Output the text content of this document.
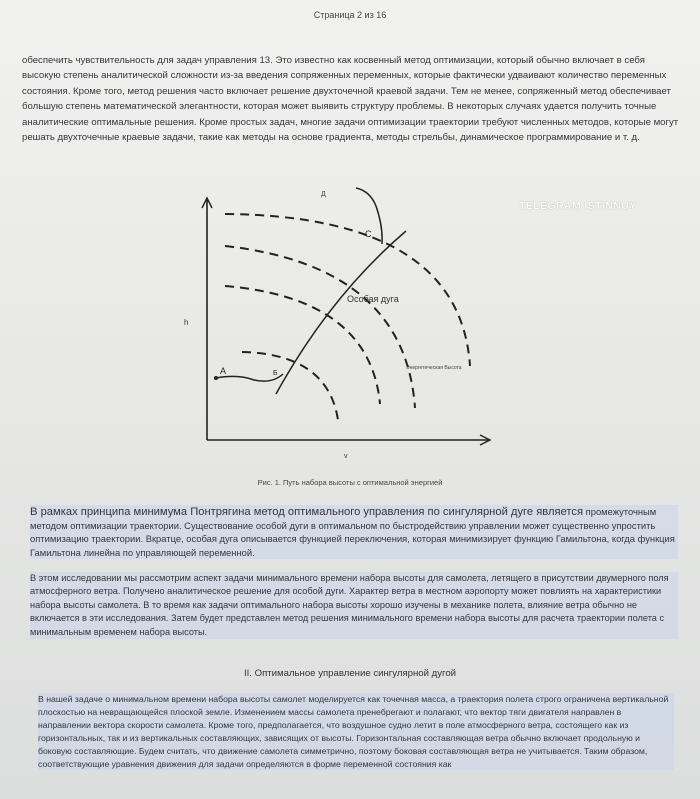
Страница 2 из 16
обеспечить чувствительность для задач управления 13. Это известно как косвенный метод оптимизации, который обычно включает в себя высокую степень аналитической сложности из-за введения сопряженных переменных, которые фактически удваивают количество переменных состояния. Кроме того, метод решения часто включает решение двухточечной краевой задачи. Тем не менее, сопряженный метод обеспечивает большую степень математической элегантности, которая может выявить структуру проблемы. В некоторых случаях удается получить точные аналитические оптимальные решения. Кроме простых задач, многие задачи оптимизации траектории требуют численных методов, которые могут решать двухточечные краевые задачи, такие как методы на основе градиента, методы стрельбы, динамическое программирование и т. д.
TELEGRAM ISTINNUY
h
v
A	Б
C
Д
Особая дуга
Энергетическая Высота
Рис. 1. Путь набора высоты с оптимальной энергией
В рамках принципа минимума Понтрягина метод оптимального управления по сингулярной дуге является промежуточным методом оптимизации траектории. Существование особой дуги в оптимальном по быстродействию управлении может существенно упростить оптимизацию траектории. Вкратце, особая дуга описывается функцией переключения, которая минимизирует функцию Гамильтона, когда функция Гамильтона линейна по управляющей переменной.
В этом исследовании мы рассмотрим аспект задачи минимального времени набора высоты для самолета, летящего в присутствии двумерного поля атмосферного ветра. Получено аналитическое решение для особой дуги. Характер ветра в местном аэропорту может повлиять на характеристики набора высоты самолета. В то время как задачи оптимального набора высоты хорошо изучены в механике полета, влияние ветра обычно не включается в эти исследования. Затем будет представлен метод решения минимального времени набора высоты для расчета траектории полета с минимальным временем набора высоты.
II. Оптимальное управление сингулярной дугой
В нашей задаче о минимальном времени набора высоты самолет моделируется как точечная масса, а траектория полета строго ограничена вертикальной плоскостью на невращающейся плоской земле. Изменением массы самолета пренебрегают и полагают, что вектор тяги двигателя направлен в направлении вектора скорости самолета. Кроме того, предполагается, что воздушное судно летит в поле атмосферного ветра, состоящего как из горизонтальных, так и из вертикальных составляющих, зависящих от высоты. Горизонтальная составляющая ветра обычно включает продольную и боковую составляющие. Будем считать, что движение самолета симметрично, поэтому боковая составляющая ветра не учитывается. Таким образом, соответствующие уравнения движения для задачи определяются в форме переменной состояния как
